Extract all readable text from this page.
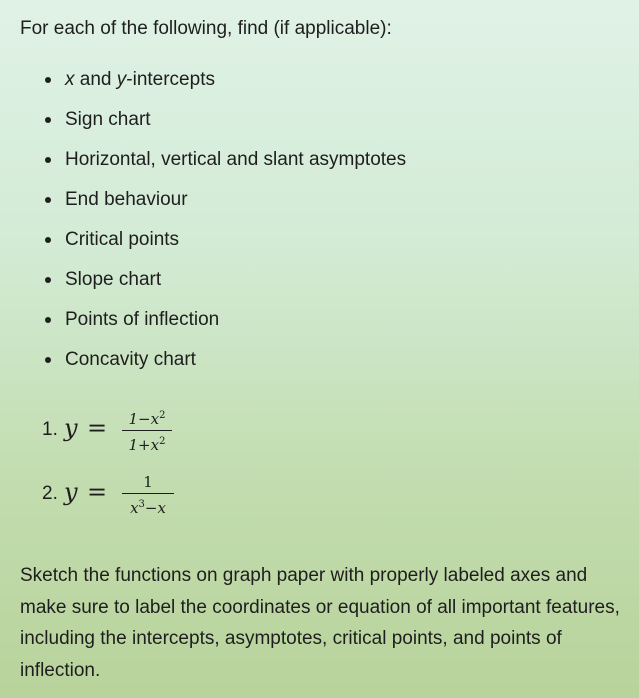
For each of the following, find (if applicable):

x and y-intercepts
Sign chart
Horizontal, vertical and slant asymptotes
End behaviour
Critical points
Slope chart
Points of inflection
Concavity chart
1. y =	$1-x^2$
$1+x^2$
2. y =	1
$x^3-x$

Sketch the functions on graph paper with properly labeled axes and make sure to label the coordinates or equation of all important features, including the intercepts, asymptotes, critical points, and points of inflection.
